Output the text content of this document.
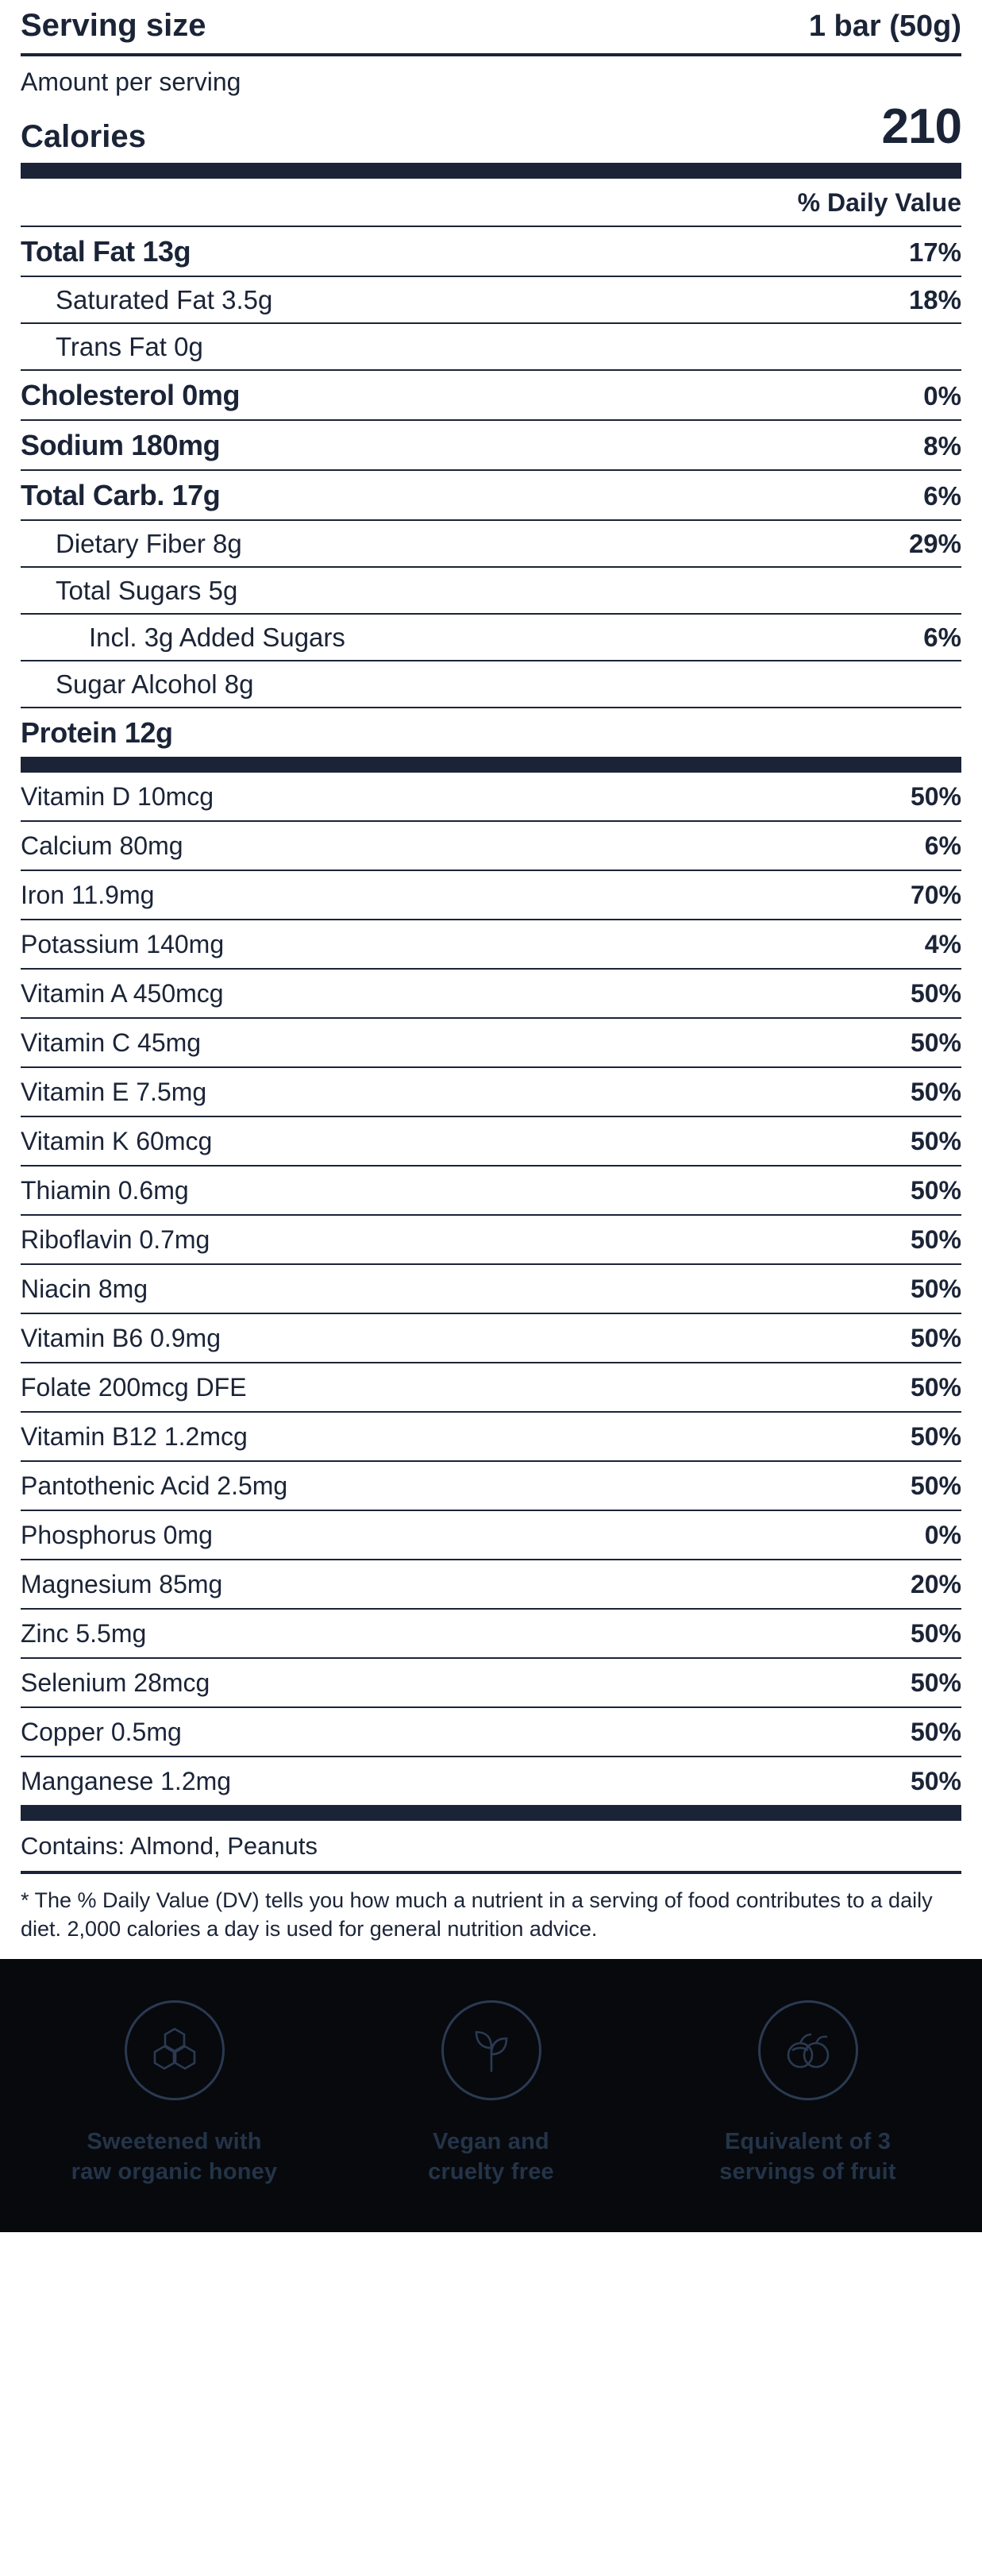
Serving size	1 bar (50g)
Amount per serving
Calories	210
% Daily Value
Total Fat 13g	17%
Saturated Fat 3.5g	18%
Trans Fat 0g
Cholesterol 0mg	0%
Sodium 180mg	8%
Total Carb. 17g	6%
Dietary Fiber 8g	29%
Total Sugars 5g
Incl. 3g Added Sugars	6%
Sugar Alcohol 8g
Protein 12g
Vitamin D 10mcg	50%
Calcium 80mg	6%
Iron 11.9mg	70%
Potassium 140mg	4%
Vitamin A 450mcg	50%
Vitamin C 45mg	50%
Vitamin E 7.5mg	50%
Vitamin K 60mcg	50%
Thiamin 0.6mg	50%
Riboflavin 0.7mg	50%
Niacin 8mg	50%
Vitamin B6 0.9mg	50%
Folate 200mcg DFE	50%
Vitamin B12 1.2mcg	50%
Pantothenic Acid 2.5mg	50%
Phosphorus 0mg	0%
Magnesium 85mg	20%
Zinc 5.5mg	50%
Selenium 28mcg	50%
Copper 0.5mg	50%
Manganese 1.2mg	50%
Contains: Almond, Peanuts
* The % Daily Value (DV) tells you how much a nutrient in a serving of food contributes to a daily diet. 2,000 calories a day is used for general nutrition advice.
Sweetened with
raw organic honey
Vegan and
cruelty free
Equivalent of 3
servings of fruit
